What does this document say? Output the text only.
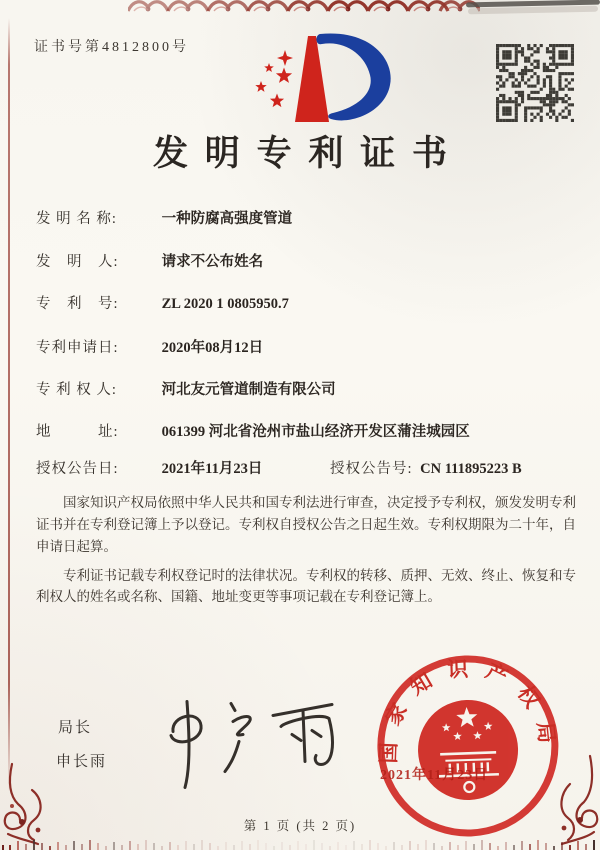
证书号第4812800号
发明专利证书
发 明 名 称:	一种防腐高强度管道
发　明　人:	请求不公布姓名
专　利　号:	ZL 2020 1 0805950.7
专利申请日:	2020年08月12日
专 利 权 人:	河北友元管道制造有限公司
地　　　址:	061399 河北省沧州市盐山经济开发区蒲洼城园区
授权公告日:	2021年11月23日	授权公告号: CN 111895223 B

国家知识产权局依照中华人民共和国专利法进行审查，决定授予专利权，颁发发明专利证书并在专利登记簿上予以登记。专利权自授权公告之日起生效。专利权期限为二十年，自申请日起算。

专利证书记载专利权登记时的法律状况。专利权的转移、质押、无效、终止、恢复和专利权人的姓名或名称、国籍、地址变更等事项记载在专利登记簿上。

局长
申长雨	国家知识产权局
2021年11月23日
第 1 页 (共 2 页)
